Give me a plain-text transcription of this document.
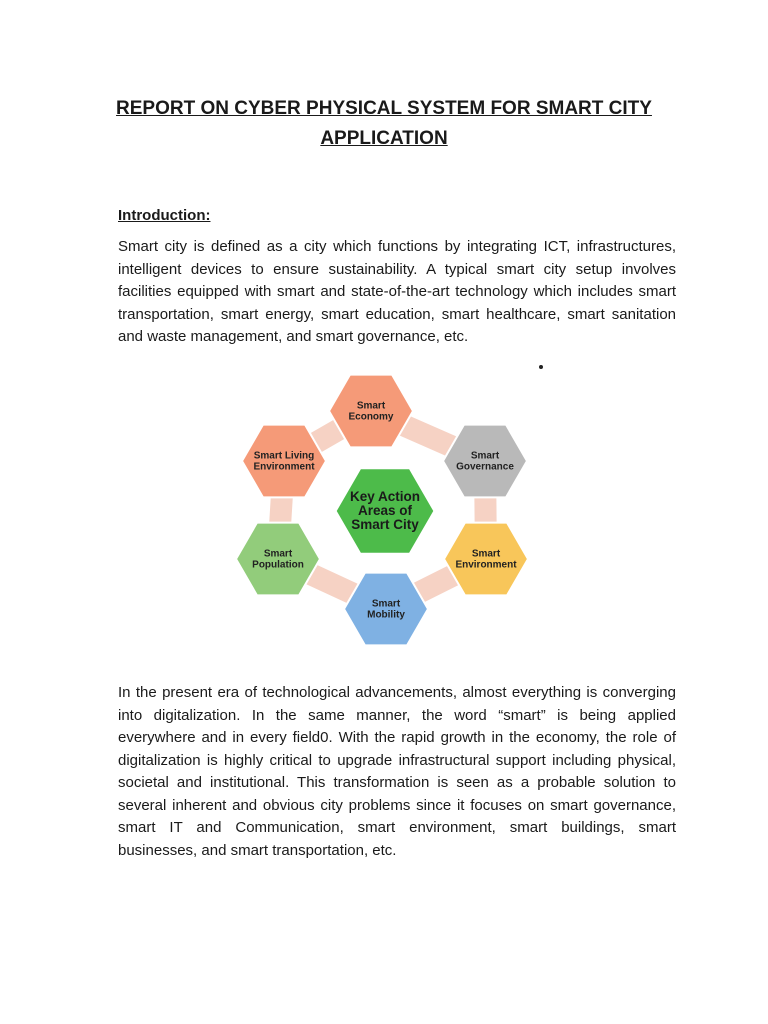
REPORT ON CYBER PHYSICAL SYSTEM FOR SMART CITY
APPLICATION
Introduction:
Smart city is defined as a city which functions by integrating ICT, infrastructures, intelligent devices to ensure sustainability. A typical smart city setup involves facilities equipped with smart and state-of-the-art technology which includes smart transportation, smart energy, smart education, smart healthcare, smart sanitation and waste management, and smart governance, etc.
Key Action
Areas of
Smart City
Smart
Economy
Smart
Governance
Smart
Environment
Smart
Mobility
Smart
Population
Smart Living
Environment
In the present era of technological advancements, almost everything is converging into digitalization. In the same manner, the word “smart” is being applied everywhere and in every field0. With the rapid growth in the economy, the role of digitalization is highly critical to upgrade infrastructural support including physical, societal and institutional. This transformation is seen as a probable solution to several inherent and obvious city problems since it focuses on smart governance, smart IT and Communication, smart environment, smart buildings, smart businesses, and smart transportation, etc.
